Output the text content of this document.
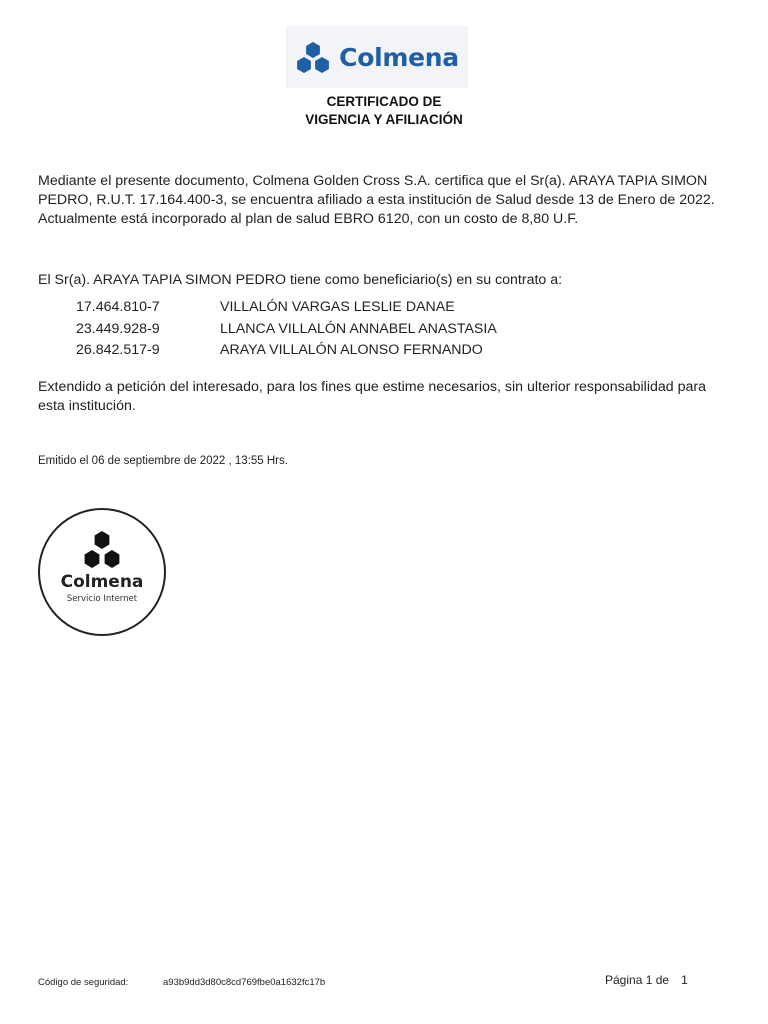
Colmena
CERTIFICADO DE
VIGENCIA Y AFILIACIÓN
Mediante el presente documento, Colmena Golden Cross S.A. certifica que el Sr(a). ARAYA TAPIA SIMON PEDRO, R.U.T. 17.164.400-3, se encuentra afiliado a esta institución de Salud desde 13 de Enero de 2022. Actualmente está incorporado al plan de salud EBRO 6120, con un costo de 8,80 U.F.
El Sr(a). ARAYA TAPIA SIMON PEDRO tiene como beneficiario(s) en su contrato a:
17.464.810-7	VILLALÓN VARGAS LESLIE DANAE
23.449.928-9	LLANCA VILLALÓN ANNABEL ANASTASIA
26.842.517-9	ARAYA VILLALÓN ALONSO FERNANDO
Extendido a petición del interesado, para los fines que estime necesarios, sin ulterior responsabilidad para esta institución.
Emitido el 06 de septiembre de 2022 , 13:55 Hrs.
Colmena
Servicio Internet
Código de seguridad:	a93b9dd3d80c8cd769fbe0a1632fc17b	Página 1 de 1
